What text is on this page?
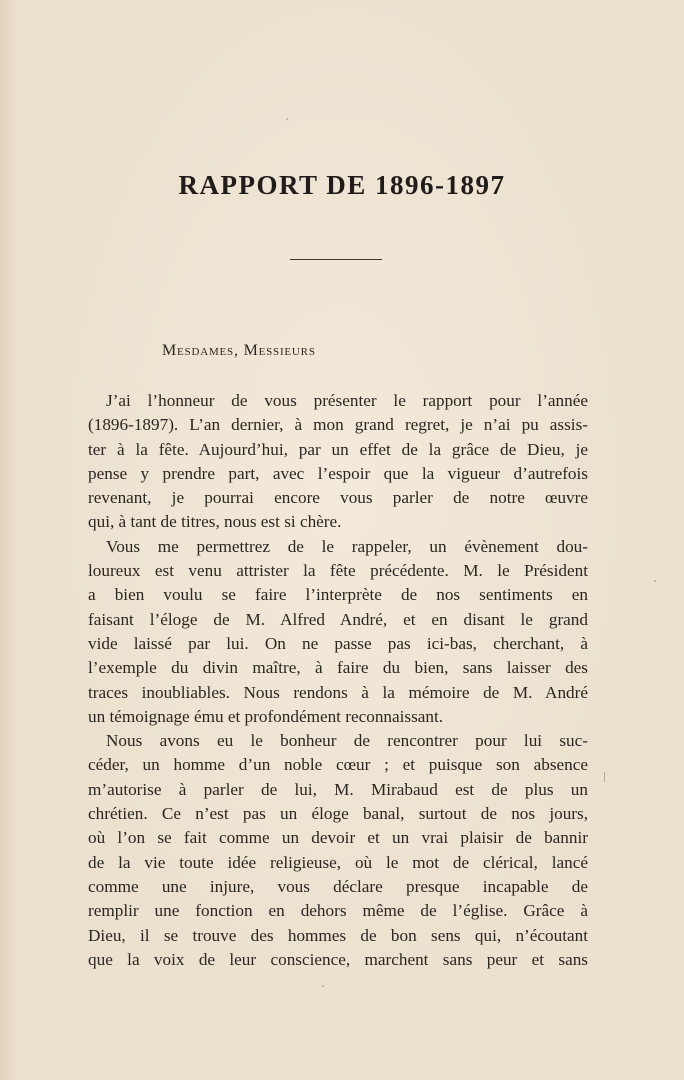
RAPPORT DE 1896-1897

Mesdames, Messieurs

J’ai l’honneur de vous présenter le rapport pour l’année
(1896-1897). L’an dernier, à mon grand regret, je n’ai pu assis-
ter à la fête. Aujourd’hui, par un effet de la grâce de Dieu, je
pense y prendre part, avec l’espoir que la vigueur d’autrefois
revenant, je pourrai encore vous parler de notre œuvre
qui, à tant de titres, nous est si chère.
Vous me permettrez de le rappeler, un évènement dou-
loureux est venu attrister la fête précédente. M. le Président
a bien voulu se faire l’interprète de nos sentiments en
faisant l’éloge de M. Alfred André, et en disant le grand
vide laissé par lui. On ne passe pas ici-bas, cherchant, à
l’exemple du divin maître, à faire du bien, sans laisser des
traces inoubliables. Nous rendons à la mémoire de M. André
un témoignage ému et profondément reconnaissant.
Nous avons eu le bonheur de rencontrer pour lui suc-
céder, un homme d’un noble cœur ; et puisque son absence
m’autorise à parler de lui, M. Mirabaud est de plus un
chrétien. Ce n’est pas un éloge banal, surtout de nos jours,
où l’on se fait comme un devoir et un vrai plaisir de bannir
de la vie toute idée religieuse, où le mot de clérical, lancé
comme une injure, vous déclare presque incapable de
remplir une fonction en dehors même de l’église. Grâce à
Dieu, il se trouve des hommes de bon sens qui, n’écoutant
que la voix de leur conscience, marchent sans peur et sans
